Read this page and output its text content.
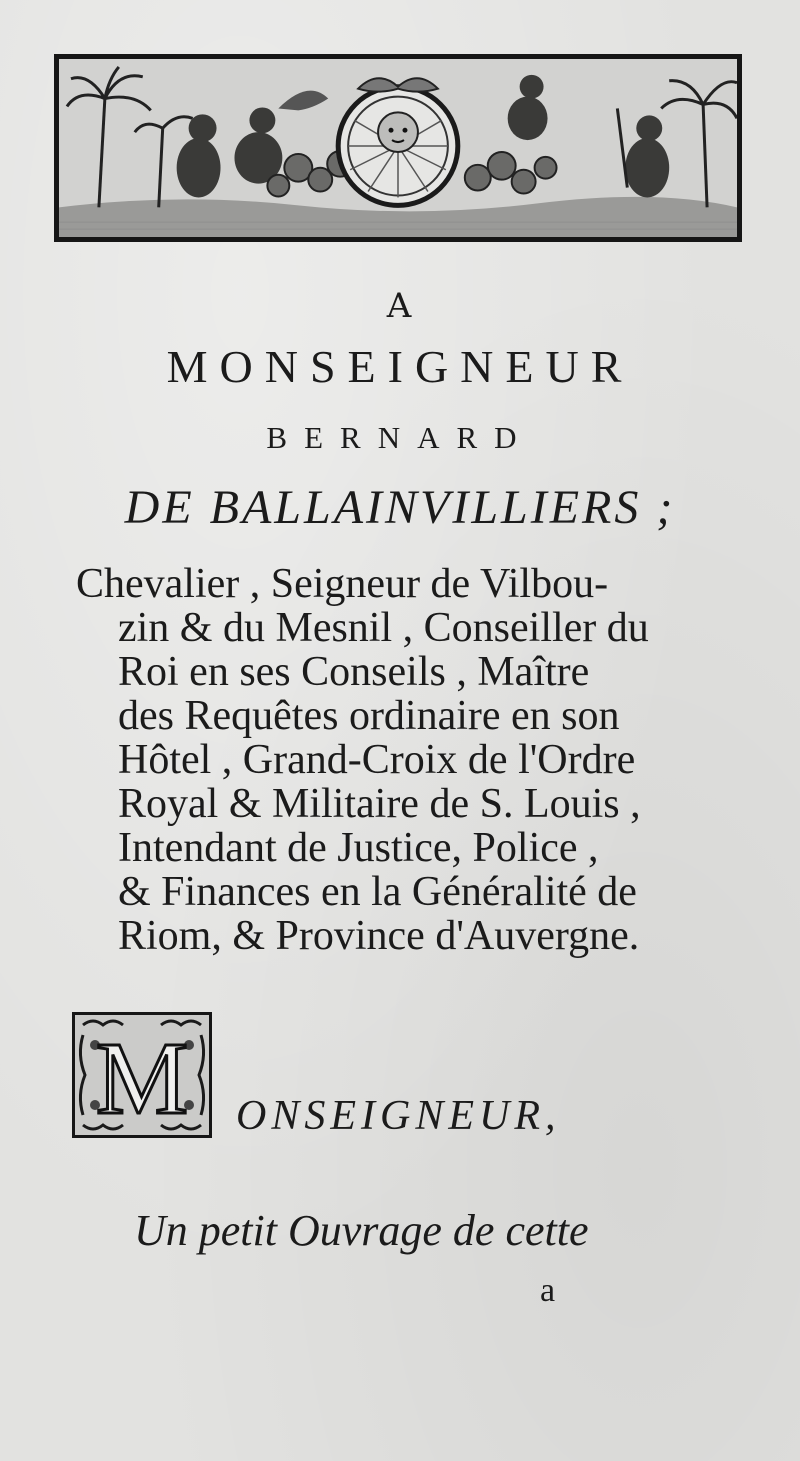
A
MONSEIGNEUR
BERNARD
DE BALLAINVILLIERS ;
Chevalier , Seigneur de Vilbou-
zin & du Mesnil , Conseiller du
Roi en ses Conseils , Maître
des Requêtes ordinaire en son
Hôtel , Grand-Croix de l'Ordre
Royal & Militaire de S. Louis ,
Intendant de Justice, Police ,
& Finances en la Généralité de
Riom, & Province d'Auvergne.
M ONSEIGNEUR,
Un petit Ouvrage de cette
a
